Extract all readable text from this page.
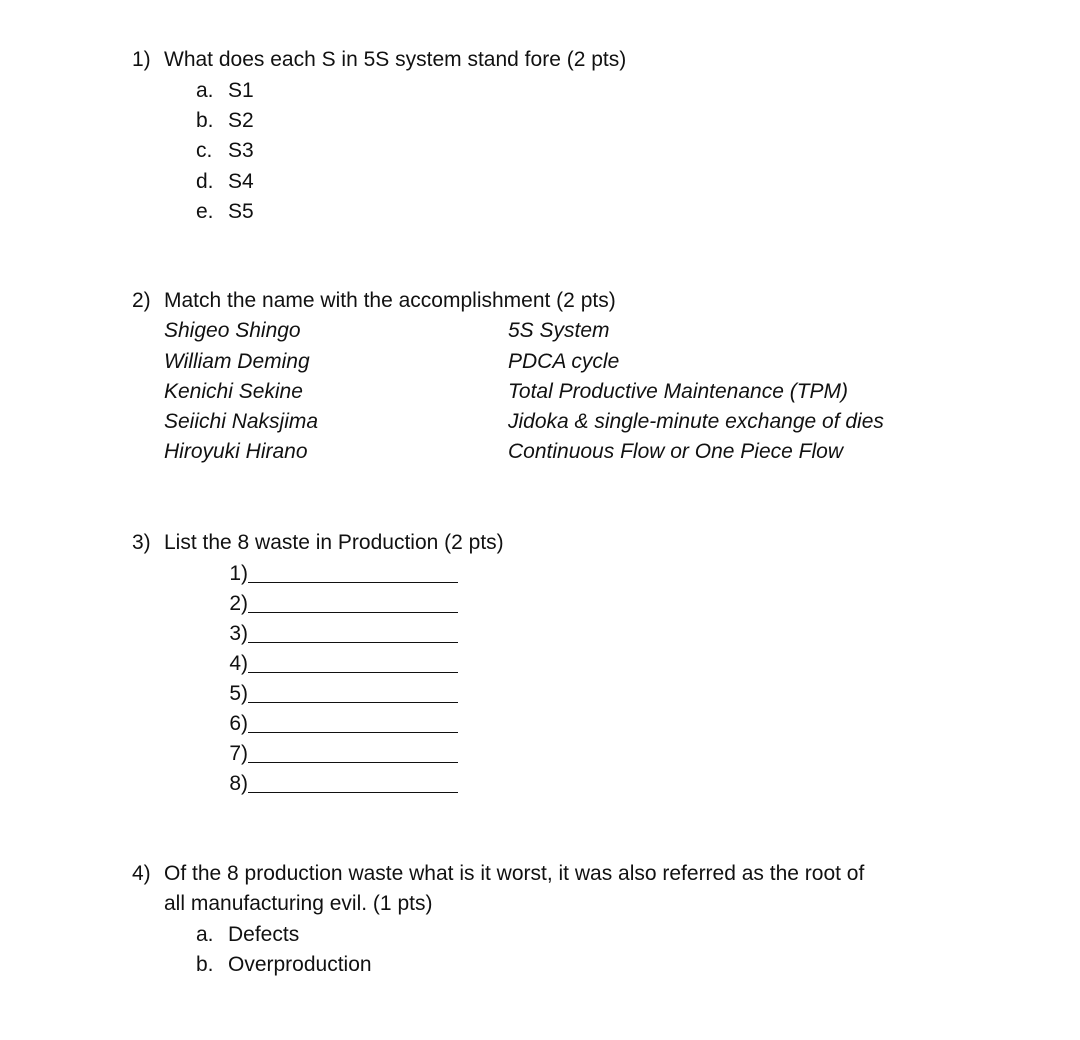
1) What does each S in 5S system stand fore (2 pts)
a. S1
b. S2
c. S3
d. S4
e. S5
2) Match the name with the accomplishment (2 pts)
Shigeo Shingo	5S System
William Deming	PDCA cycle
Kenichi Sekine	Total Productive Maintenance (TPM)
Seiichi Naksjima	Jidoka & single-minute exchange of dies
Hiroyuki Hirano	Continuous Flow or One Piece Flow
3) List the 8 waste in Production (2 pts)
1)
2)
3)
4)
5)
6)
7)
8)
4) Of the 8 production waste what is it worst, it was also referred as the root of
all manufacturing evil. (1 pts)
a. Defects
b. Overproduction
